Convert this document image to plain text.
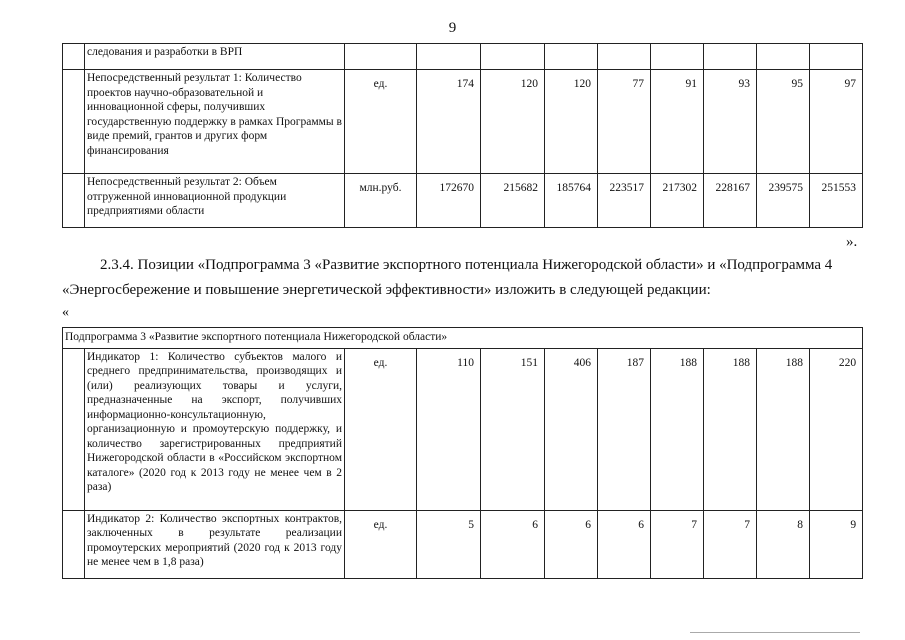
9
	следования и разработки в ВРП									
	Непосредственный результат 1: Количество проектов научно-образовательной и инновационной сферы, получивших государственную поддержку в рамках Программы в виде премий, грантов и других форм финансирования	ед.	174	120	120	77	91	93	95	97
	Непосредственный результат 2: Объем отгруженной инновационной продукции предприятиями области	млн.руб.	172670	215682	185764	223517	217302	228167	239575	251553
».
2.3.4. Позиции «Подпрограмма 3 «Развитие экспортного потенциала Нижегородской области» и «Подпрограмма 4
«Энергосбережение и повышение энергетической эффективности» изложить в следующей редакции:
«
Подпрограмма 3 «Развитие экспортного потенциала Нижегородской области»										
	Индикатор 1: Количество субъектов малого и среднего предпринимательства, производящих и (или) реализующих товары и услуги, предназначенные на экспорт, получивших информационно-консультационную, организационную и промоутерскую поддержку, и количество зарегистрированных предприятий Нижегородской области в «Российском экспортном каталоге» (2020 год к 2013 году не менее чем в 2 раза)	ед.	110	151	406	187	188	188	188	220
	Индикатор 2: Количество экспортных контрактов, заключенных в результате реализации промоутерских мероприятий (2020 год к 2013 году не менее чем в 1,8 раза)	ед.	5	6	6	6	7	7	8	9
